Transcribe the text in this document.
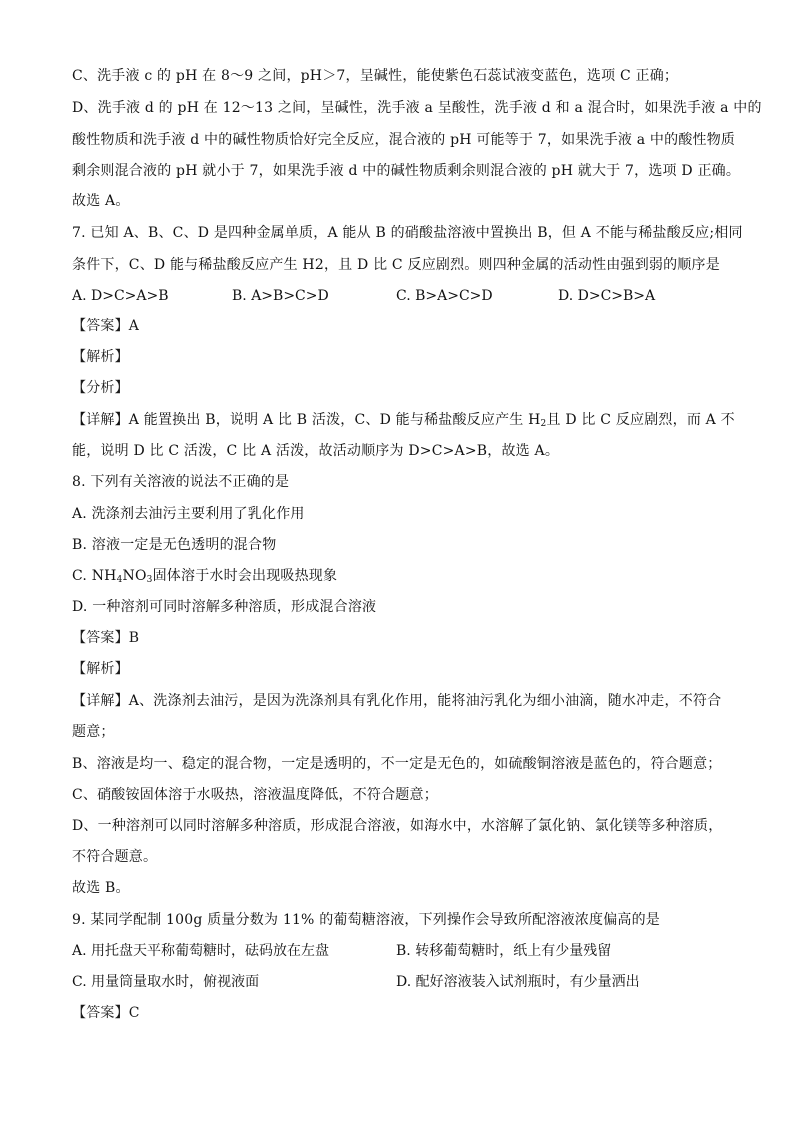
C、洗手液 c 的 pH 在 8～9 之间，pH＞7，呈碱性，能使紫色石蕊试液变蓝色，选项 C 正确；
D、洗手液 d 的 pH 在 12～13 之间，呈碱性，洗手液 a 呈酸性，洗手液 d 和 a 混合时，如果洗手液 a 中的
酸性物质和洗手液 d 中的碱性物质恰好完全反应，混合液的 pH 可能等于 7，如果洗手液 a 中的酸性物质
剩余则混合液的 pH 就小于 7，如果洗手液 d 中的碱性物质剩余则混合液的 pH 就大于 7，选项 D 正确。
故选 A。
7. 已知 A、B、C、D 是四种金属单质，A 能从 B 的硝酸盐溶液中置换出 B，但 A 不能与稀盐酸反应;相同
条件下，C、D 能与稀盐酸反应产生 H2，且 D 比 C 反应剧烈。则四种金属的活动性由强到弱的顺序是
A. D>C>A>B	B. A>B>C>D	C. B>A>C>D	D. D>C>B>A
【答案】A
【解析】
【分析】
【详解】A 能置换出 B，说明 A 比 B 活泼，C、D 能与稀盐酸反应产生 $H_2$且 D 比 C 反应剧烈，而 A 不
能，说明 D 比 C 活泼，C 比 A 活泼，故活动顺序为 D>C>A>B，故选 A。
8. 下列有关溶液的说法不正确的是
A. 洗涤剂去油污主要利用了乳化作用
B. 溶液一定是无色透明的混合物
C. $NH_4NO_3$固体溶于水时会出现吸热现象
D. 一种溶剂可同时溶解多种溶质，形成混合溶液
【答案】B
【解析】
【详解】A、洗涤剂去油污，是因为洗涤剂具有乳化作用，能将油污乳化为细小油滴，随水冲走，不符合
题意；
B、溶液是均一、稳定的混合物，一定是透明的，不一定是无色的，如硫酸铜溶液是蓝色的，符合题意；
C、硝酸铵固体溶于水吸热，溶液温度降低，不符合题意；
D、一种溶剂可以同时溶解多种溶质，形成混合溶液，如海水中，水溶解了氯化钠、氯化镁等多种溶质，
不符合题意。
故选 B。
9. 某同学配制 100g 质量分数为 11% 的葡萄糖溶液，下列操作会导致所配溶液浓度偏高的是
A. 用托盘天平称葡萄糖时，砝码放在左盘	B. 转移葡萄糖时，纸上有少量残留
C. 用量筒量取水时，俯视液面	D. 配好溶液装入试剂瓶时，有少量洒出
【答案】C
